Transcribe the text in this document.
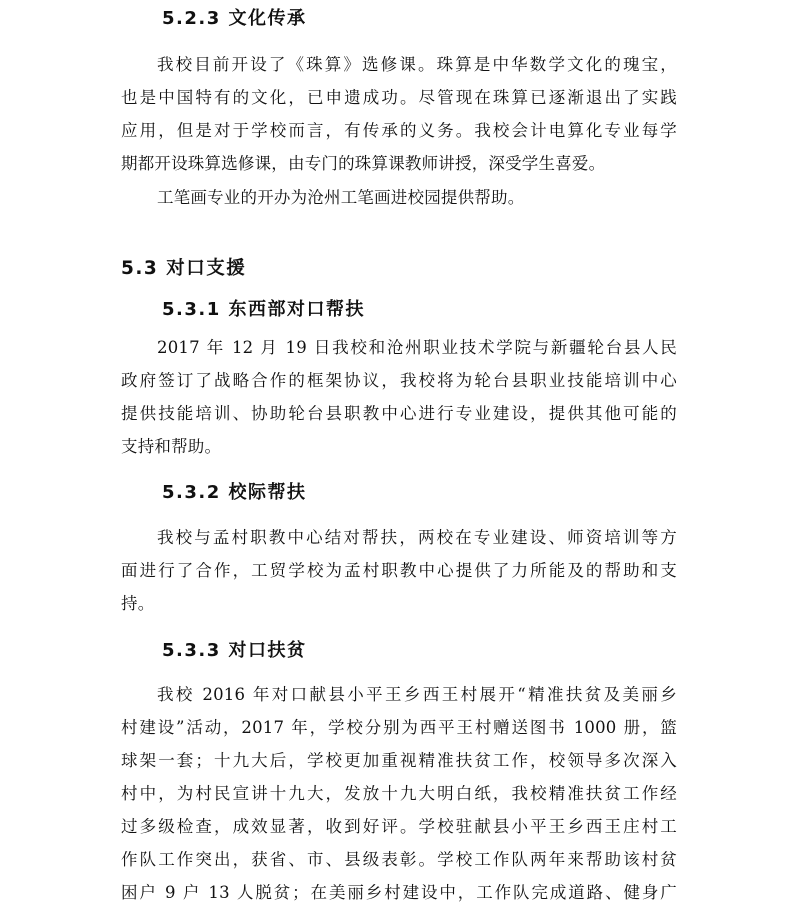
5.2.3 文化传承
我校目前开设了《珠算》选修课。珠算是中华数学文化的瑰宝，
也是中国特有的文化，已申遗成功。尽管现在珠算已逐渐退出了实践
应用，但是对于学校而言，有传承的义务。我校会计电算化专业每学
期都开设珠算选修课，由专门的珠算课教师讲授，深受学生喜爱。
工笔画专业的开办为沧州工笔画进校园提供帮助。
5.3 对口支援
5.3.1 东西部对口帮扶
2017 年 12 月 19 日我校和沧州职业技术学院与新疆轮台县人民
政府签订了战略合作的框架协议，我校将为轮台县职业技能培训中心
提供技能培训、协助轮台县职教中心进行专业建设，提供其他可能的
支持和帮助。
5.3.2 校际帮扶
我校与孟村职教中心结对帮扶，两校在专业建设、师资培训等方
面进行了合作，工贸学校为孟村职教中心提供了力所能及的帮助和支
持。
5.3.3 对口扶贫
我校 2016 年对口献县小平王乡西王村展开“精准扶贫及美丽乡
村建设”活动，2017 年，学校分别为西平王村赠送图书 1000 册，篮
球架一套；十九大后，学校更加重视精准扶贫工作，校领导多次深入
村中，为村民宣讲十九大，发放十九大明白纸，我校精准扶贫工作经
过多级检查，成效显著，收到好评。学校驻献县小平王乡西王庄村工
作队工作突出，获省、市、县级表彰。学校工作队两年来帮助该村贫
困户 9 户 13 人脱贫；在美丽乡村建设中，工作队完成道路、健身广
